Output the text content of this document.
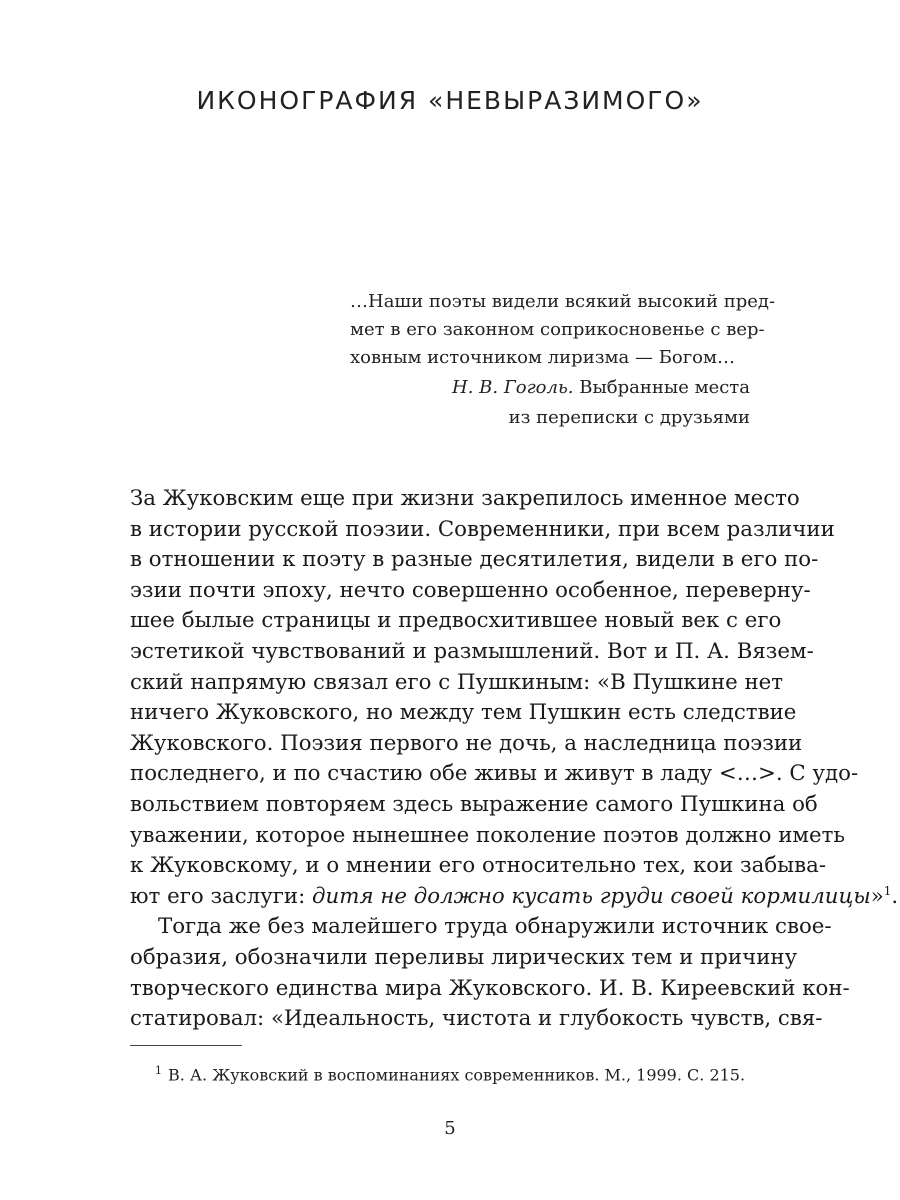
ИКОНОГРАФИЯ «НЕВЫРАЗИМОГО»
…Наши поэты видели всякий высокий пред-
мет в его законном соприкосновенье с вер-
ховным источником лиризма — Богом…
Н. В. Гоголь. Выбранные места
из переписки с друзьями
За Жуковским еще при жизни закрепилось именное место
в истории русской поэзии. Современники, при всем различии
в отношении к поэту в разные десятилетия, видели в его по-
эзии почти эпоху, нечто совершенно особенное, переверну-
шее былые страницы и предвосхитившее новый век с его
эстетикой чувствований и размышлений. Вот и П. А. Вязем-
ский напрямую связал его с Пушкиным: «В Пушкине нет
ничего Жуковского, но между тем Пушкин есть следствие
Жуковского. Поэзия первого не дочь, а наследница поэзии
последнего, и по счастию обе живы и живут в ладу <…>. С удо-
вольствием повторяем здесь выражение самого Пушкина об
уважении, которое нынешнее поколение поэтов должно иметь
к Жуковскому, и о мнении его относительно тех, кои забыва-
ют его заслуги: дитя не должно кусать груди своей кормилицы»$^1$.
Тогда же без малейшего труда обнаружили источник свое-
образия, обозначили переливы лирических тем и причину
творческого единства мира Жуковского. И. В. Киреевский кон-
статировал: «Идеальность, чистота и глубокость чувств, свя-
$^1$ В. А. Жуковский в воспоминаниях современников. М., 1999. С. 215.
5
